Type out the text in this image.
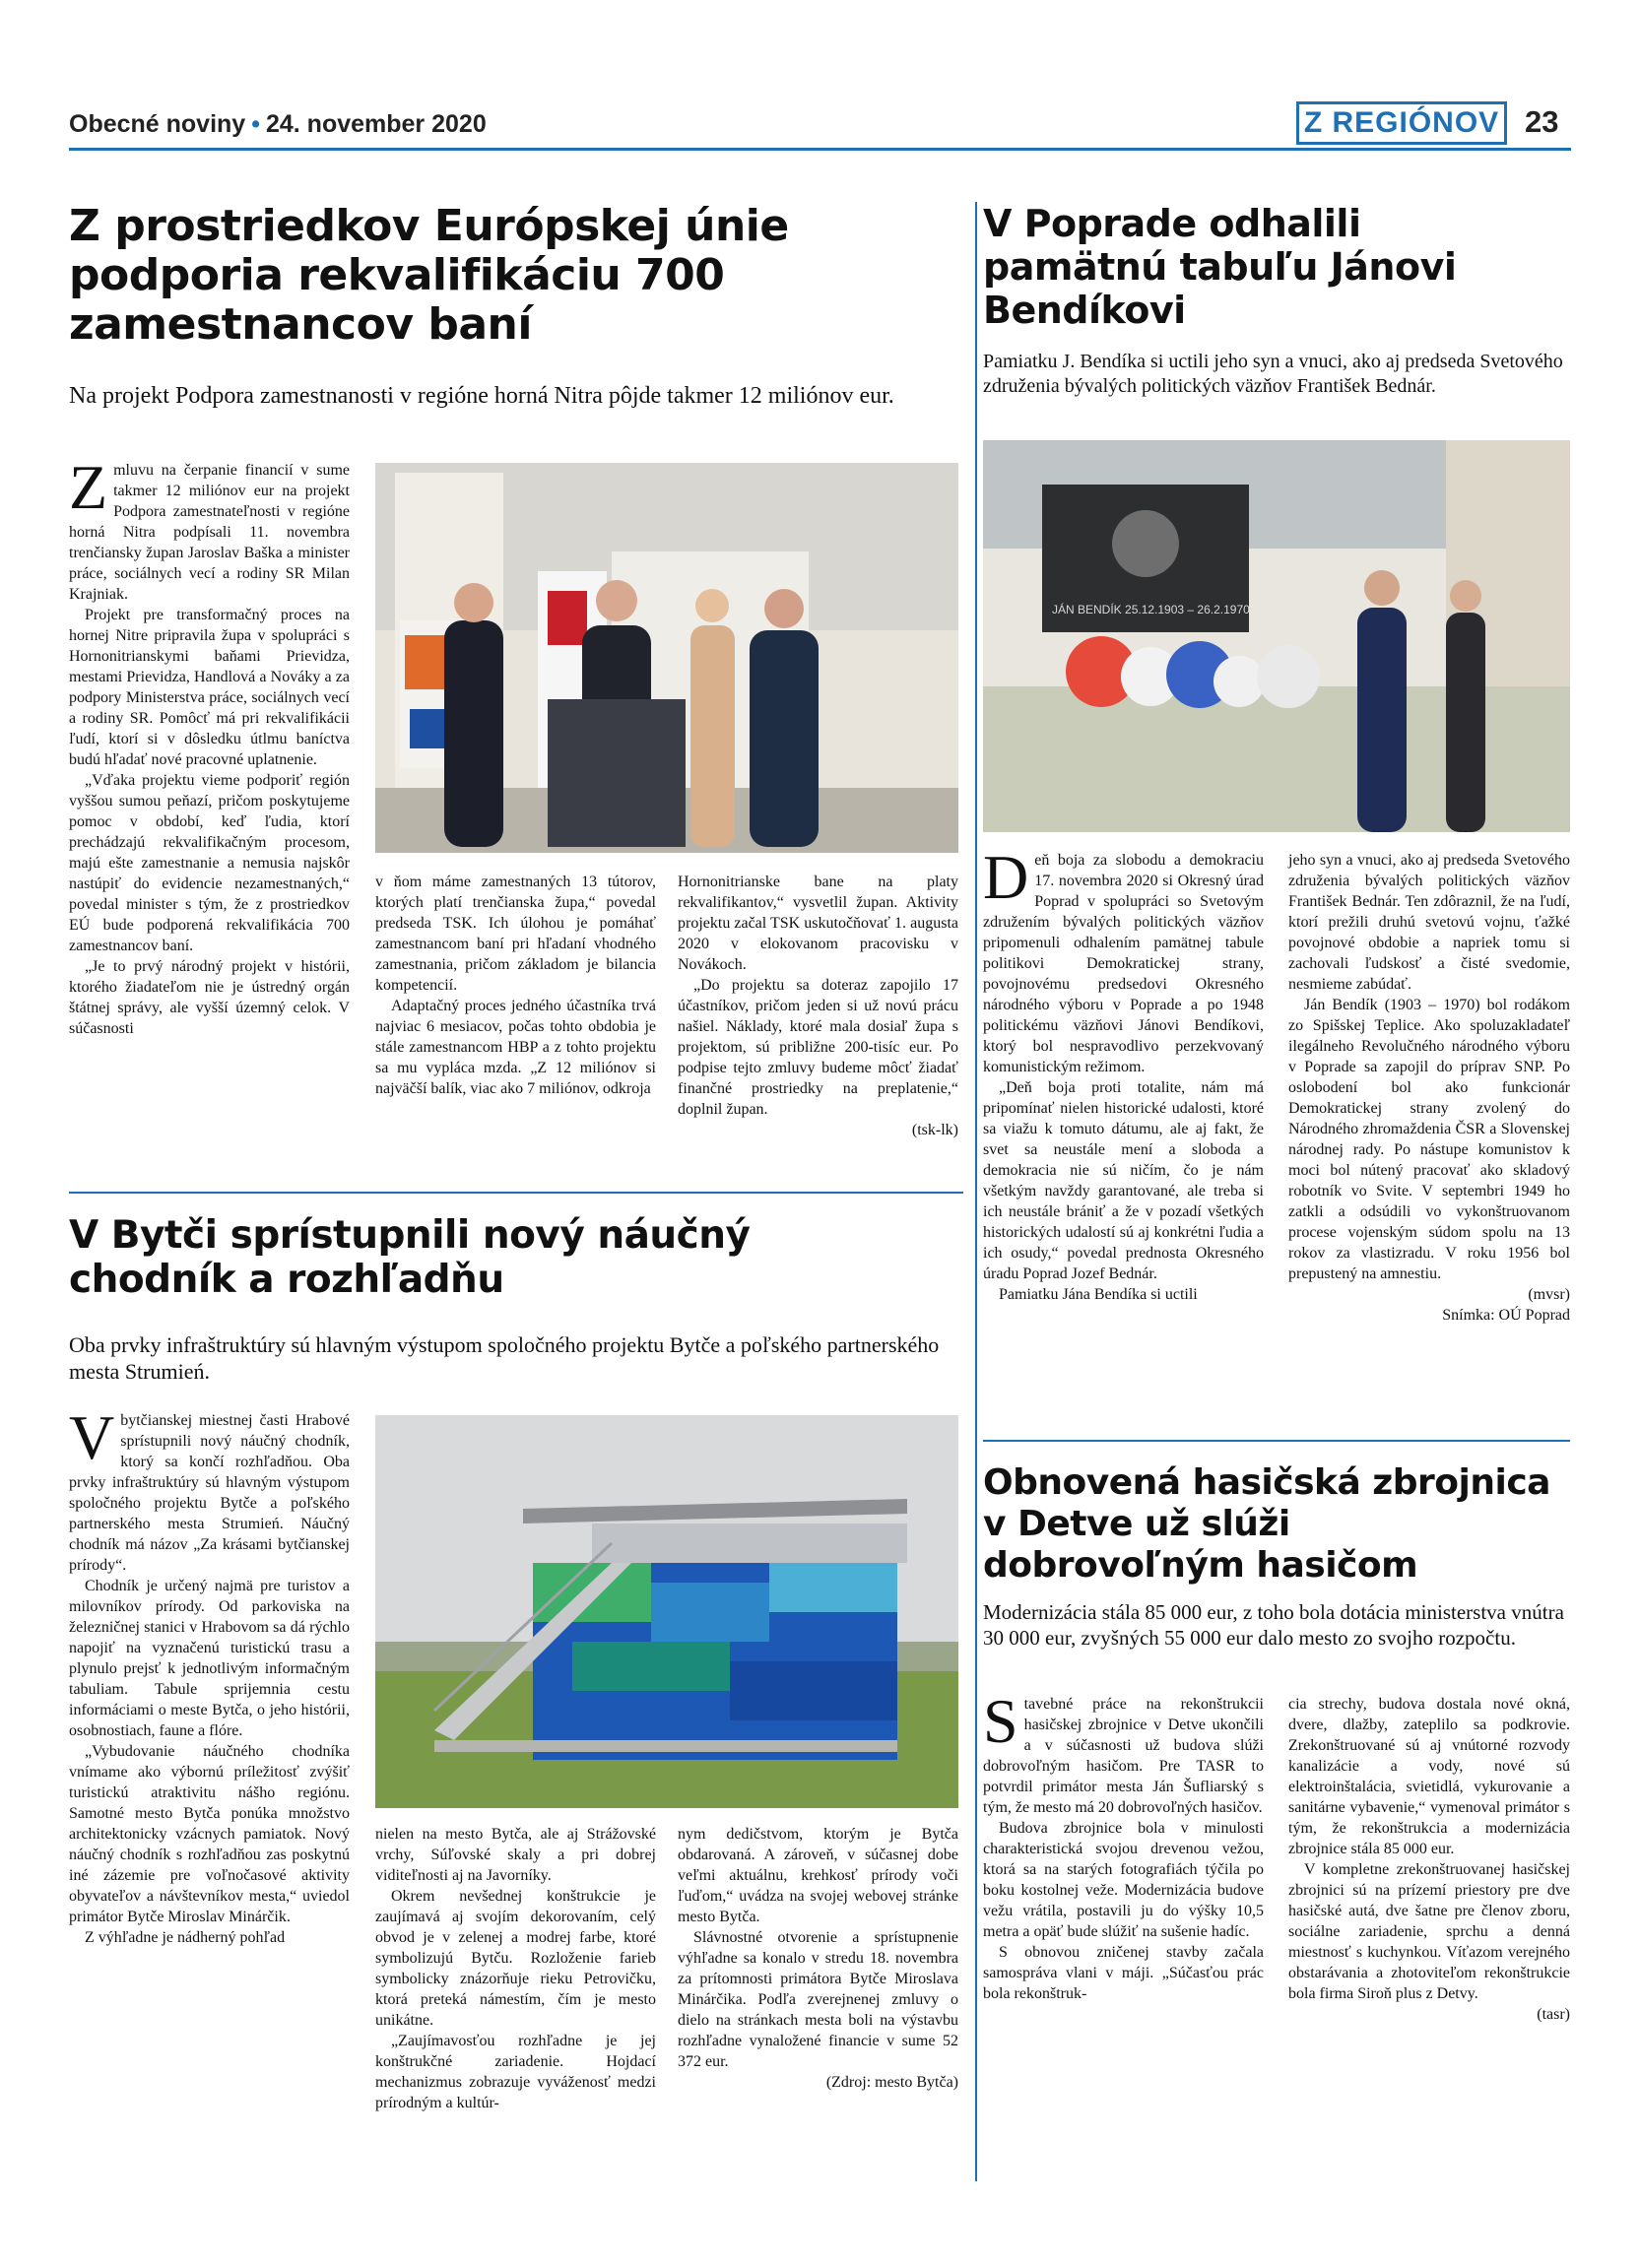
Obecné noviny • 24. november 2020	Z REGIÓNOV 23
Z prostriedkov Európskej únie podporia rekvalifikáciu 700 zamestnancov baní
Na projekt Podpora zamestnanosti v regióne horná Nitra pôjde takmer 12 miliónov eur.
Z mluvu na čerpanie financií v sume takmer 12 miliónov eur na projekt Podpora zamestnateľnosti v regióne horná Nitra podpísali 11. novembra trenčiansky župan Jaroslav Baška a minister práce, sociálnych vecí a rodiny SR Milan Krajniak.

Projekt pre transformačný proces na hornej Nitre pripravila župa v spolupráci s Hornonitrianskymi baňami Prievidza, mestami Prievidza, Handlová a Nováky a za podpory Ministerstva práce, sociálnych vecí a rodiny SR. Pomôcť má pri rekvalifikácii ľudí, ktorí si v dôsledku útlmu baníctva budú hľadať nové pracovné uplatnenie.

„Vďaka projektu vieme podporiť región vyššou sumou peňazí, pričom poskytujeme pomoc v období, keď ľudia, ktorí prechádzajú rekvalifikačným procesom, majú ešte zamestnanie a nemusia najskôr nastúpiť do evidencie nezamestnaných,“ povedal minister s tým, že z prostriedkov EÚ bude podporená rekvalifikácia 700 zamestnancov baní.

„Je to prvý národný projekt v histórii, ktorého žiadateľom nie je ústredný orgán štátnej správy, ale vyšší územný celok. V súčasnosti

v ňom máme zamestnaných 13 tútorov, ktorých platí trenčianska župa,“ povedal predseda TSK. Ich úlohou je pomáhať zamestnancom baní pri hľadaní vhodného zamestnania, pričom základom je bilancia kompetencií.

Adaptačný proces jedného účastníka trvá najviac 6 mesiacov, počas tohto obdobia je stále zamestnancom HBP a z tohto projektu sa mu vypláca mzda. „Z 12 miliónov si najväčší balík, viac ako 7 miliónov, odkroja

Hornonitrianske bane na platy rekvalifikantov,“ vysvetlil župan. Aktivity projektu začal TSK uskutočňovať 1. augusta 2020 v elokovanom pracovisku v Novákoch.

„Do projektu sa doteraz zapojilo 17 účastníkov, pričom jeden si už novú prácu našiel. Náklady, ktoré mala dosiaľ župa s projektom, sú približne 200-tisíc eur. Po podpise tejto zmluvy budeme môcť žiadať finančné prostriedky na preplatenie,“ doplnil župan.

(tsk-lk)
V Poprade odhalili pamätnú tabuľu Jánovi Bendíkovi
Pamiatku J. Bendíka si uctili jeho syn a vnuci, ako aj predseda Svetového združenia bývalých politických väzňov František Bednár.
JÁN BENDÍK 25.12.1903 – 26.2.1970
D eň boja za slobodu a demokraciu 17. novembra 2020 si Okresný úrad Poprad v spolupráci so Svetovým združením bývalých politických väzňov pripomenuli odhalením pamätnej tabule politikovi Demokratickej strany, povojnovému predsedovi Okresného národného výboru v Poprade a po 1948 politickému väzňovi Jánovi Bendíkovi, ktorý bol nespravodlivo perzekvovaný komunistickým režimom.

„Deň boja proti totalite, nám má pripomínať nielen historické udalosti, ktoré sa viažu k tomuto dátumu, ale aj fakt, že svet sa neustále mení a sloboda a demokracia nie sú ničím, čo je nám všetkým navždy garantované, ale treba si ich neustále brániť a že v pozadí všetkých historických udalostí sú aj konkrétni ľudia a ich osudy,“ povedal prednosta Okresného úradu Poprad Jozef Bednár.

Pamiatku Jána Bendíka si uctili

jeho syn a vnuci, ako aj predseda Svetového združenia bývalých politických väzňov František Bednár. Ten zdôraznil, že na ľudí, ktorí prežili druhú svetovú vojnu, ťažké povojnové obdobie a napriek tomu si zachovali ľudskosť a čisté svedomie, nesmieme zabúdať.

Ján Bendík (1903 – 1970) bol rodákom zo Spišskej Teplice. Ako spoluzakladateľ ilegálneho Revolučného národného výboru v Poprade sa zapojil do príprav SNP. Po oslobodení bol ako funkcionár Demokratickej strany zvolený do Národného zhromaždenia ČSR a Slovenskej národnej rady. Po nástupe komunistov k moci bol nútený pracovať ako skladový robotník vo Svite. V septembri 1949 ho zatkli a odsúdili vo vykonštruovanom procese vojenským súdom spolu na 13 rokov za vlastizradu. V roku 1956 bol prepustený na amnestiu.

(mvsr)
Snímka: OÚ Poprad
V Bytči sprístupnili nový náučný chodník a rozhľadňu
Oba prvky infraštruktúry sú hlavným výstupom spoločného projektu Bytče a poľského partnerského mesta Strumień.
V bytčianskej miestnej časti Hrabové sprístupnili nový náučný chodník, ktorý sa končí rozhľadňou. Oba prvky infraštruktúry sú hlavným výstupom spoločného projektu Bytče a poľského partnerského mesta Strumień. Náučný chodník má názov „Za krásami bytčianskej prírody“.

Chodník je určený najmä pre turistov a milovníkov prírody. Od parkoviska na železničnej stanici v Hrabovom sa dá rýchlo napojiť na vyznačenú turistickú trasu a plynulo prejsť k jednotlivým informačným tabuliam. Tabule sprijemnia cestu informáciami o meste Bytča, o jeho histórii, osobnostiach, faune a flóre.

„Vybudovanie náučného chodníka vnímame ako výbornú príležitosť zvýšiť turistickú atraktivitu nášho regiónu. Samotné mesto Bytča ponúka množstvo architektonicky vzácnych pamiatok. Nový náučný chodník s rozhľadňou zas poskytnú iné zázemie pre voľnočasové aktivity obyvateľov a návštevníkov mesta,“ uviedol primátor Bytče Miroslav Minárčik.

Z výhľadne je nádherný pohľad

nielen na mesto Bytča, ale aj Strážovské vrchy, Súľovské skaly a pri dobrej viditeľnosti aj na Javorníky.

Okrem nevšednej konštrukcie je zaujímavá aj svojím dekorovaním, celý obvod je v zelenej a modrej farbe, ktoré symbolizujú Bytču. Rozloženie farieb symbolicky znázorňuje rieku Petrovičku, ktorá preteká námestím, čím je mesto unikátne.

„Zaujímavosťou rozhľadne je jej konštrukčné zariadenie. Hojdací mechanizmus zobrazuje vyváženosť medzi prírodným a kultúr-

nym dedičstvom, ktorým je Bytča obdarovaná. A zároveň, v súčasnej dobe veľmi aktuálnu, krehkosť prírody voči ľuďom,“ uvádza na svojej webovej stránke mesto Bytča.

Slávnostné otvorenie a sprístupnenie výhľadne sa konalo v stredu 18. novembra za prítomnosti primátora Bytče Miroslava Minárčika. Podľa zverejnenej zmluvy o dielo na stránkach mesta boli na výstavbu rozhľadne vynaložené financie v sume 52 372 eur.

(Zdroj: mesto Bytča)
Obnovená hasičská zbrojnica v Detve už slúži dobrovoľným hasičom
Modernizácia stála 85 000 eur, z toho bola dotácia ministerstva vnútra 30 000 eur, zvyšných 55 000 eur dalo mesto zo svojho rozpočtu.
S tavebné práce na rekonštrukcii hasičskej zbrojnice v Detve ukončili a v súčasnosti už budova slúži dobrovoľným hasičom. Pre TASR to potvrdil primátor mesta Ján Šufliarský s tým, že mesto má 20 dobrovoľných hasičov.

Budova zbrojnice bola v minulosti charakteristická svojou drevenou vežou, ktorá sa na starých fotografiách týčila po boku kostolnej veže. Modernizácia budove vežu vrátila, postavili ju do výšky 10,5 metra a opäť bude slúžiť na sušenie hadíc.

S obnovou zničenej stavby začala samospráva vlani v máji. „Súčasťou prác bola rekonštruk-

cia strechy, budova dostala nové okná, dvere, dlažby, zateplilo sa podkrovie. Zrekonštruované sú aj vnútorné rozvody kanalizácie a vody, nové sú elektroinštalácia, svietidlá, vykurovanie a sanitárne vybavenie,“ vymenoval primátor s tým, že rekonštrukcia a modernizácia zbrojnice stála 85 000 eur.

V kompletne zrekonštruovanej hasičskej zbrojnici sú na prízemí priestory pre dve hasičské autá, dve šatne pre členov zboru, sociálne zariadenie, sprchu a denná miestnosť s kuchynkou. Víťazom verejného obstarávania a zhotoviteľom rekonštrukcie bola firma Siroň plus z Detvy.

(tasr)
